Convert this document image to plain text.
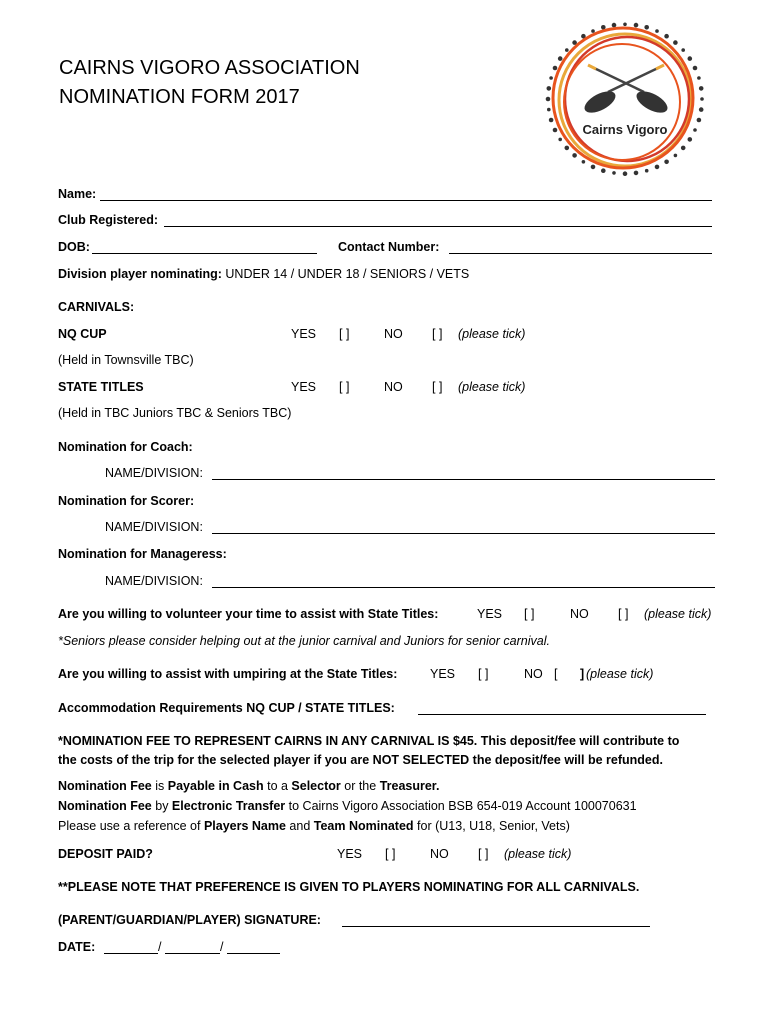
CAIRNS VIGORO ASSOCIATION
NOMINATION FORM 2017
Cairns Vigoro
Name:
Club Registered:
DOB:	Contact Number:
Division player nominating: UNDER 14 / UNDER 18 / SENIORS / VETS
CARNIVALS:
NQ CUP	YES [ ]	NO [ ] (please tick)
(Held in Townsville TBC)
STATE TITLES	YES [ ]	NO [ ] (please tick)
(Held in TBC Juniors TBC & Seniors TBC)
Nomination for Coach:
NAME/DIVISION:
Nomination for Scorer:
NAME/DIVISION:
Nomination for Manageress:
NAME/DIVISION:
Are you willing to volunteer your time to assist with State Titles:	YES [ ]	NO [ ] (please tick)
*Seniors please consider helping out at the junior carnival and Juniors for senior carnival.
Are you willing to assist with umpiring at the State Titles:	YES [ ]	NO [ ] (please tick)
Accommodation Requirements NQ CUP / STATE TITLES:
*NOMINATION FEE TO REPRESENT CAIRNS IN ANY CARNIVAL IS $45. This deposit/fee will contribute to
the costs of the trip for the selected player if you are NOT SELECTED the deposit/fee will be refunded.
Nomination Fee is Payable in Cash to a Selector or the Treasurer.
Nomination Fee by Electronic Transfer to Cairns Vigoro Association BSB 654-019 Account 100070631
Please use a reference of Players Name and Team Nominated for (U13, U18, Senior, Vets)
DEPOSIT PAID?	YES [ ]	NO [ ] (please tick)
**PLEASE NOTE THAT PREFERENCE IS GIVEN TO PLAYERS NOMINATING FOR ALL CARNIVALS.
(PARENT/GUARDIAN/PLAYER) SIGNATURE:
DATE:	/	/
